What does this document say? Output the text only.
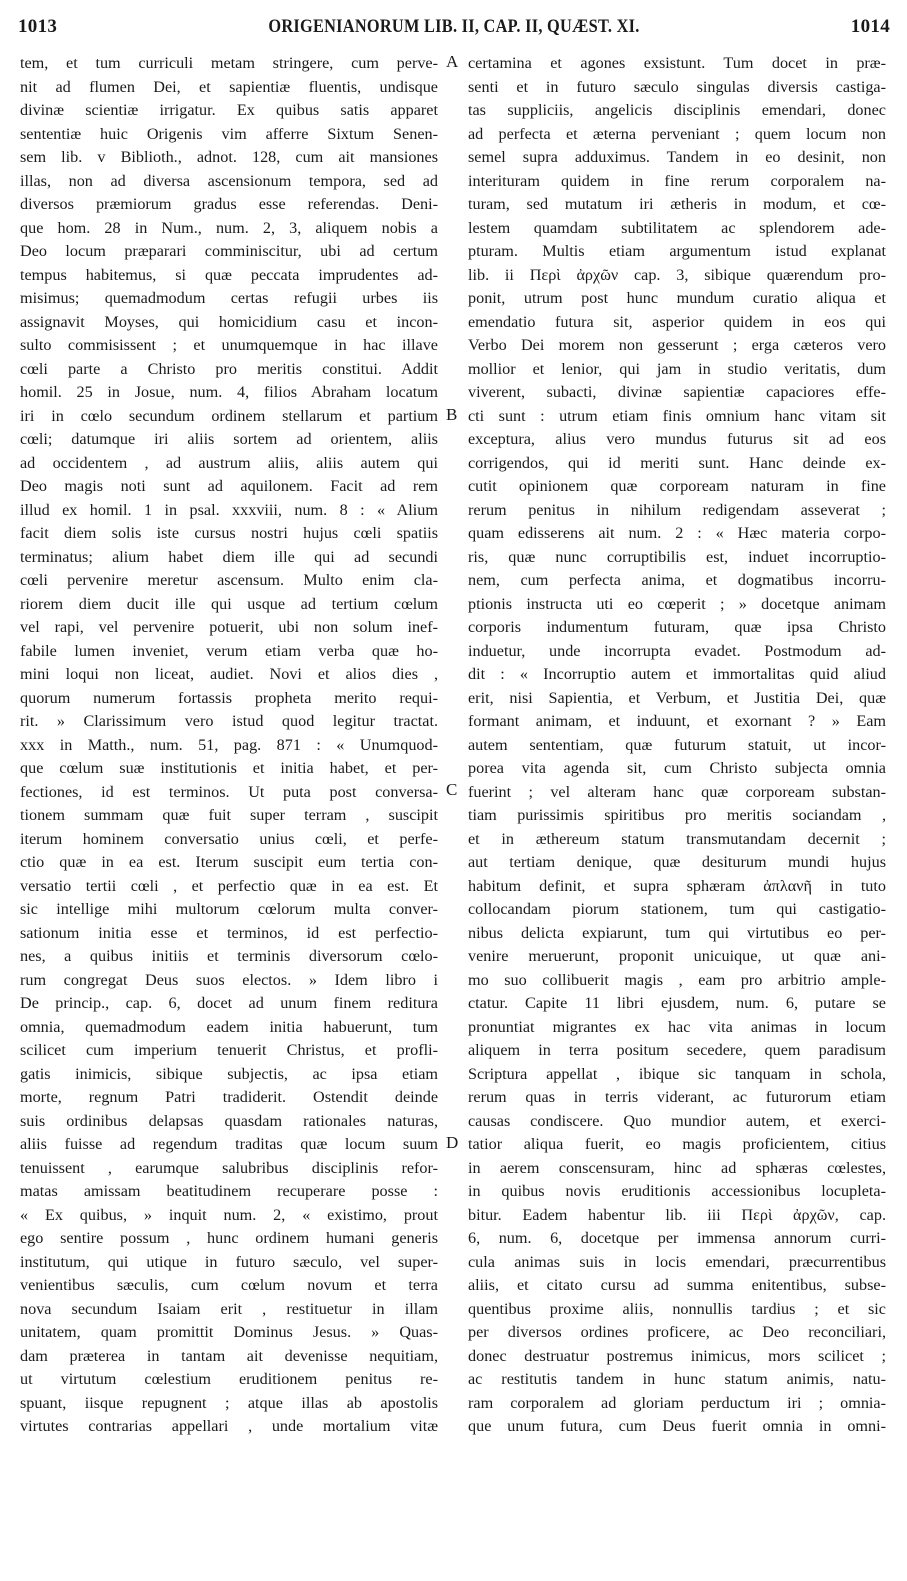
1013	ORIGENIANORUM LIB. II, CAP. II, QUÆST. XI.	1014
tem, et tum curriculi metam stringere, cum perve-
nit ad flumen Dei, et sapientiæ fluentis, undisque
divinæ scientiæ irrigatur. Ex quibus satis apparet
sententiæ huic Origenis vim afferre Sixtum Senen-
sem lib. v Biblioth., adnot. 128, cum ait mansiones
illas, non ad diversa ascensionum tempora, sed ad
diversos præmiorum gradus esse referendas. Deni-
que hom. 28 in Num., num. 2, 3, aliquem nobis a
Deo locum præparari comminiscitur, ubi ad certum
tempus habitemus, si quæ peccata imprudentes ad-
misimus; quemadmodum certas refugii urbes iis
assignavit Moyses, qui homicidium casu et incon-
sulto commisissent ; et unumquemque in hac illave
cœli parte a Christo pro meritis constitui. Addit
homil. 25 in Josue, num. 4, filios Abraham locatum
iri in cœlo secundum ordinem stellarum et partium
cœli; datumque iri aliis sortem ad orientem, aliis
ad occidentem , ad austrum aliis, aliis autem qui
Deo magis noti sunt ad aquilonem. Facit ad rem
illud ex homil. 1 in psal. xxxviii, num. 8 : « Alium
facit diem solis iste cursus nostri hujus cœli spatiis
terminatus; alium habet diem ille qui ad secundi
cœli pervenire meretur ascensum. Multo enim cla-
riorem diem ducit ille qui usque ad tertium cœlum
vel rapi, vel pervenire potuerit, ubi non solum inef-
fabile lumen inveniet, verum etiam verba quæ ho-
mini loqui non liceat, audiet. Novi et alios dies ,
quorum numerum fortassis propheta merito requi-
rit. » Clarissimum vero istud quod legitur tractat.
xxx in Matth., num. 51, pag. 871 : « Unumquod-
que cœlum suæ institutionis et initia habet, et per-
fectiones, id est terminos. Ut puta post conversa-
tionem summam quæ fuit super terram , suscipit
iterum hominem conversatio unius cœli, et perfe-
ctio quæ in ea est. Iterum suscipit eum tertia con-
versatio tertii cœli , et perfectio quæ in ea est. Et
sic intellige mihi multorum cœlorum multa conver-
sationum initia esse et terminos, id est perfectio-
nes, a quibus initiis et terminis diversorum cœlo-
rum congregat Deus suos electos. » Idem libro i
De princip., cap. 6, docet ad unum finem reditura
omnia, quemadmodum eadem initia habuerunt, tum
scilicet cum imperium tenuerit Christus, et profli-
gatis inimicis, sibique subjectis, ac ipsa etiam
morte, regnum Patri tradiderit. Ostendit deinde
suis ordinibus delapsas quasdam rationales naturas,
aliis fuisse ad regendum traditas quæ locum suum
tenuissent , earumque salubribus disciplinis refor-
matas amissam beatitudinem recuperare posse :
« Ex quibus, » inquit num. 2, « existimo, prout
ego sentire possum , hunc ordinem humani generis
institutum, qui utique in futuro sæculo, vel super-
venientibus sæculis, cum cœlum novum et terra
nova secundum Isaiam erit , restituetur in illam
unitatem, quam promittit Dominus Jesus. » Quas-
dam præterea in tantam ait devenisse nequitiam,
ut virtutum cœlestium eruditionem penitus re-
spuant, iisque repugnent ; atque illas ab apostolis
virtutes contrarias appellari , unde mortalium vitæ
certamina et agones exsistunt. Tum docet in præ-
senti et in futuro sæculo singulas diversis castiga-
tas suppliciis, angelicis disciplinis emendari, donec
ad perfecta et æterna perveniant ; quem locum non
semel supra adduximus. Tandem in eo desinit, non
interituram quidem in fine rerum corporalem na-
turam, sed mutatum iri ætheris in modum, et cœ-
lestem quamdam subtilitatem ac splendorem ade-
pturam. Multis etiam argumentum istud explanat
lib. ii Περὶ ἀρχῶν cap. 3, sibique quærendum pro-
ponit, utrum post hunc mundum curatio aliqua et
emendatio futura sit, asperior quidem in eos qui
Verbo Dei morem non gesserunt ; erga cæteros vero
mollior et lenior, qui jam in studio veritatis, dum
viverent, subacti, divinæ sapientiæ capaciores effe-
cti sunt : utrum etiam finis omnium hanc vitam sit
exceptura, alius vero mundus futurus sit ad eos
corrigendos, qui id meriti sunt. Hanc deinde ex-
cutit opinionem quæ corpoream naturam in fine
rerum penitus in nihilum redigendam asseverat ;
quam edisserens ait num. 2 : « Hæc materia corpo-
ris, quæ nunc corruptibilis est, induet incorruptio-
nem, cum perfecta anima, et dogmatibus incorru-
ptionis instructa uti eo cœperit ; » docetque animam
corporis indumentum futuram, quæ ipsa Christo
induetur, unde incorrupta evadet. Postmodum ad-
dit : « Incorruptio autem et immortalitas quid aliud
erit, nisi Sapientia, et Verbum, et Justitia Dei, quæ
formant animam, et induunt, et exornant ? » Eam
autem sententiam, quæ futurum statuit, ut incor-
porea vita agenda sit, cum Christo subjecta omnia
fuerint ; vel alteram hanc quæ corpoream substan-
tiam purissimis spiritibus pro meritis sociandam ,
et in æthereum statum transmutandam decernit ;
aut tertiam denique, quæ desiturum mundi hujus
habitum definit, et supra sphæram ἀπλανῆ in tuto
collocandam piorum stationem, tum qui castigatio-
nibus delicta expiarunt, tum qui virtutibus eo per-
venire meruerunt, proponit unicuique, ut quæ ani-
mo suo collibuerit magis , eam pro arbitrio ample-
ctatur. Capite 11 libri ejusdem, num. 6, putare se
pronuntiat migrantes ex hac vita animas in locum
aliquem in terra positum secedere, quem paradisum
Scriptura appellat , ibique sic tanquam in schola,
rerum quas in terris viderant, ac futurorum etiam
causas condiscere. Quo mundior autem, et exerci-
tatior aliqua fuerit, eo magis proficientem, citius
in aerem conscensuram, hinc ad sphæras cœlestes,
in quibus novis eruditionis accessionibus locupleta-
bitur. Eadem habentur lib. iii Περὶ ἀρχῶν, cap.
6, num. 6, docetque per immensa annorum curri-
cula animas suis in locis emendari, præcurrentibus
aliis, et citato cursu ad summa enitentibus, subse-
quentibus proxime aliis, nonnullis tardius ; et sic
per diversos ordines proficere, ac Deo reconciliari,
donec destruatur postremus inimicus, mors scilicet ;
ac restitutis tandem in hunc statum animis, natu-
ram corporalem ad gloriam perductum iri ; omnia-
que unum futura, cum Deus fuerit omnia in omni-
A
B
C
D
